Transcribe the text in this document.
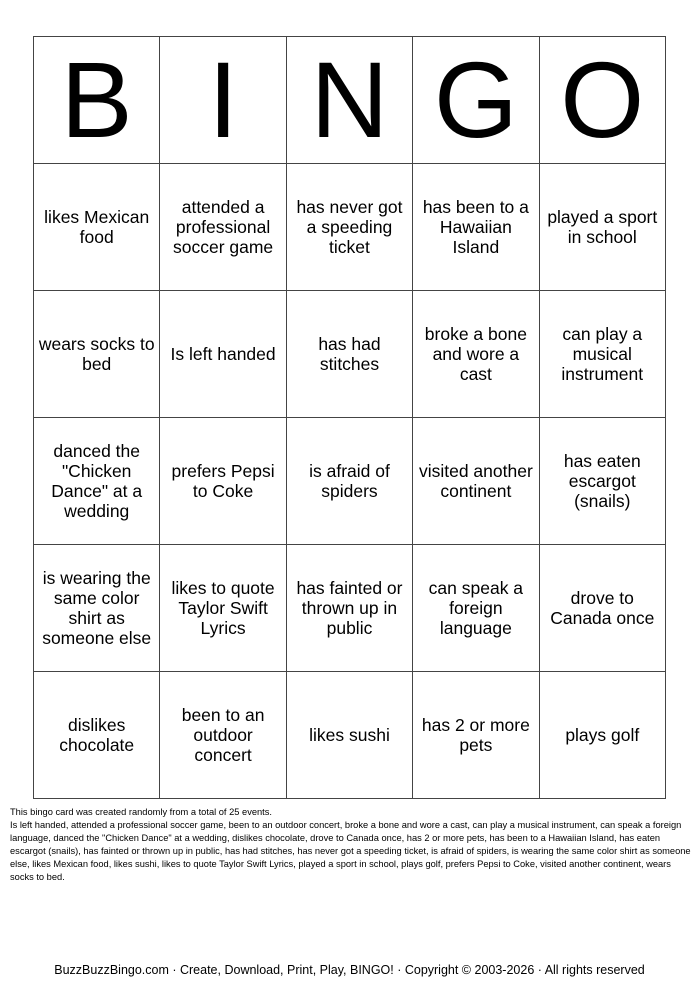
B	I	N	G	O
likes Mexican food	attended a professional soccer game	has never got a speeding ticket	has been to a Hawaiian Island	played a sport in school
wears socks to bed	Is left handed	has had stitches	broke a bone and wore a cast	can play a musical instrument
danced the "Chicken Dance" at a wedding	prefers Pepsi to Coke	is afraid of spiders	visited another continent	has eaten escargot (snails)
is wearing the same color shirt as someone else	likes to quote Taylor Swift Lyrics	has fainted or thrown up in public	can speak a foreign language	drove to Canada once
dislikes chocolate	been to an outdoor concert	likes sushi	has 2 or more pets	plays golf

This bingo card was created randomly from a total of 25 events.

Is left handed, attended a professional soccer game, been to an outdoor concert, broke a bone and wore a cast, can play a musical instrument, can speak a foreign language, danced the "Chicken Dance" at a wedding, dislikes chocolate, drove to Canada once, has 2 or more pets, has been to a Hawaiian Island, has eaten escargot (snails), has fainted or thrown up in public, has had stitches, has never got a speeding ticket, is afraid of spiders, is wearing the same color shirt as someone else, likes Mexican food, likes sushi, likes to quote Taylor Swift Lyrics, played a sport in school, plays golf, prefers Pepsi to Coke, visited another continent, wears socks to bed.

BuzzBuzzBingo.com · Create, Download, Print, Play, BINGO! · Copyright © 2003-2026 · All rights reserved
